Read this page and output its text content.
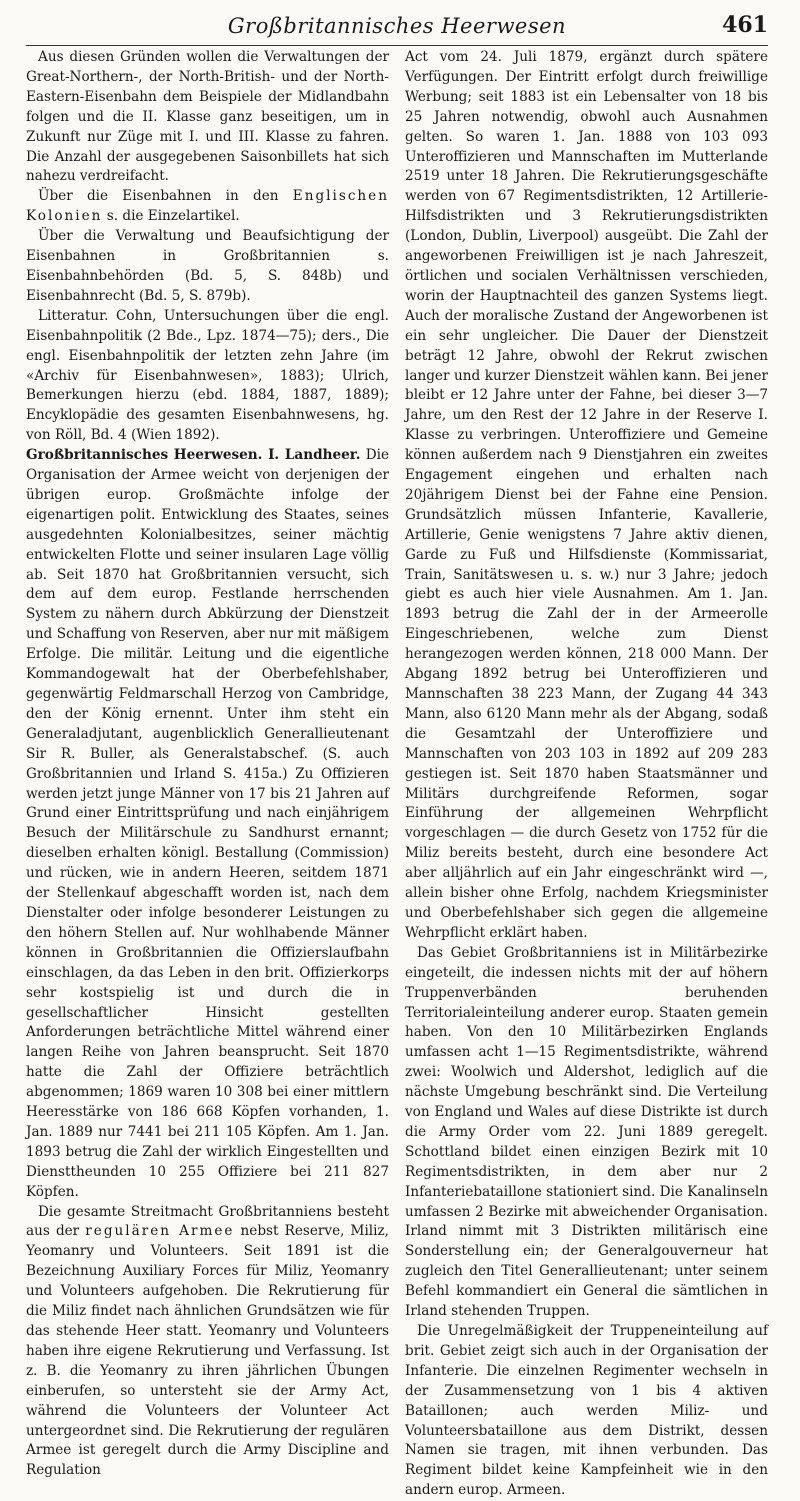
Großbritannisches Heerwesen	461

Aus diesen Gründen wollen die Verwaltungen der Great-Northern-, der North-British- und der North-Eastern-Eisenbahn dem Beispiele der Midlandbahn folgen und die II. Klasse ganz beseitigen, um in Zukunft nur Züge mit I. und III. Klasse zu fahren. Die Anzahl der ausgegebenen Saisonbillets hat sich nahezu verdreifacht.

Über die Eisenbahnen in den Englischen Kolonien s. die Einzelartikel.

Über die Verwaltung und Beaufsichtigung der Eisenbahnen in Großbritannien s. Eisenbahnbehörden (Bd. 5, S. 848b) und Eisenbahnrecht (Bd. 5, S. 879b).

Litteratur. Cohn, Untersuchungen über die engl. Eisenbahnpolitik (2 Bde., Lpz. 1874—75); ders., Die engl. Eisenbahnpolitik der letzten zehn Jahre (im «Archiv für Eisenbahnwesen», 1883); Ulrich, Bemerkungen hierzu (ebd. 1884, 1887, 1889); Encyklopädie des gesamten Eisenbahnwesens, hg. von Röll, Bd. 4 (Wien 1892).

Großbritannisches Heerwesen. I. Landheer. Die Organisation der Armee weicht von derjenigen der übrigen europ. Großmächte infolge der eigenartigen polit. Entwicklung des Staates, seines ausgedehnten Kolonialbesitzes, seiner mächtig entwickelten Flotte und seiner insularen Lage völlig ab. Seit 1870 hat Großbritannien versucht, sich dem auf dem europ. Festlande herrschenden System zu nähern durch Abkürzung der Dienstzeit und Schaffung von Reserven, aber nur mit mäßigem Erfolge. Die militär. Leitung und die eigentliche Kommandogewalt hat der Oberbefehlshaber, gegenwärtig Feldmarschall Herzog von Cambridge, den der König ernennt. Unter ihm steht ein Generaladjutant, augenblicklich Generallieutenant Sir R. Buller, als Generalstabschef. (S. auch Großbritannien und Irland S. 415a.) Zu Offizieren werden jetzt junge Männer von 17 bis 21 Jahren auf Grund einer Eintrittsprüfung und nach einjährigem Besuch der Militärschule zu Sandhurst ernannt; dieselben erhalten königl. Bestallung (Commission) und rücken, wie in andern Heeren, seitdem 1871 der Stellenkauf abgeschafft worden ist, nach dem Dienstalter oder infolge besonderer Leistungen zu den höhern Stellen auf. Nur wohlhabende Männer können in Großbritannien die Offizierslaufbahn einschlagen, da das Leben in den brit. Offizierkorps sehr kostspielig ist und durch die in gesellschaftlicher Hinsicht gestellten Anforderungen beträchtliche Mittel während einer langen Reihe von Jahren beansprucht. Seit 1870 hatte die Zahl der Offiziere beträchtlich abgenommen; 1869 waren 10 308 bei einer mittlern Heeresstärke von 186 668 Köpfen vorhanden, 1. Jan. 1889 nur 7441 bei 211 105 Köpfen. Am 1. Jan. 1893 betrug die Zahl der wirklich Eingestellten und Diensttheunden 10 255 Offiziere bei 211 827 Köpfen.

Die gesamte Streitmacht Großbritanniens besteht aus der regulären Armee nebst Reserve, Miliz, Yeomanry und Volunteers. Seit 1891 ist die Bezeichnung Auxiliary Forces für Miliz, Yeomanry und Volunteers aufgehoben. Die Rekrutierung für die Miliz findet nach ähnlichen Grundsätzen wie für das stehende Heer statt. Yeomanry und Volunteers haben ihre eigene Rekrutierung und Verfassung. Ist z. B. die Yeomanry zu ihren jährlichen Übungen einberufen, so untersteht sie der Army Act, während die Volunteers der Volunteer Act untergeordnet sind. Die Rekrutierung der regulären Armee ist geregelt durch die Army Discipline and Regulation

Act vom 24. Juli 1879, ergänzt durch spätere Verfügungen. Der Eintritt erfolgt durch freiwillige Werbung; seit 1883 ist ein Lebensalter von 18 bis 25 Jahren notwendig, obwohl auch Ausnahmen gelten. So waren 1. Jan. 1888 von 103 093 Unteroffizieren und Mannschaften im Mutterlande 2519 unter 18 Jahren. Die Rekrutierungsgeschäfte werden von 67 Regimentsdistrikten, 12 Artillerie-Hilfsdistrikten und 3 Rekrutierungsdistrikten (London, Dublin, Liverpool) ausgeübt. Die Zahl der angeworbenen Freiwilligen ist je nach Jahreszeit, örtlichen und socialen Verhältnissen verschieden, worin der Hauptnachteil des ganzen Systems liegt. Auch der moralische Zustand der Angeworbenen ist ein sehr ungleicher. Die Dauer der Dienstzeit beträgt 12 Jahre, obwohl der Rekrut zwischen langer und kurzer Dienstzeit wählen kann. Bei jener bleibt er 12 Jahre unter der Fahne, bei dieser 3—7 Jahre, um den Rest der 12 Jahre in der Reserve I. Klasse zu verbringen. Unteroffiziere und Gemeine können außerdem nach 9 Dienstjahren ein zweites Engagement eingehen und erhalten nach 20jährigem Dienst bei der Fahne eine Pension. Grundsätzlich müssen Infanterie, Kavallerie, Artillerie, Genie wenigstens 7 Jahre aktiv dienen, Garde zu Fuß und Hilfsdienste (Kommissariat, Train, Sanitätswesen u. s. w.) nur 3 Jahre; jedoch giebt es auch hier viele Ausnahmen. Am 1. Jan. 1893 betrug die Zahl der in der Armeerolle Eingeschriebenen, welche zum Dienst herangezogen werden können, 218 000 Mann. Der Abgang 1892 betrug bei Unteroffizieren und Mannschaften 38 223 Mann, der Zugang 44 343 Mann, also 6120 Mann mehr als der Abgang, sodaß die Gesamtzahl der Unteroffiziere und Mannschaften von 203 103 in 1892 auf 209 283 gestiegen ist. Seit 1870 haben Staatsmänner und Militärs durchgreifende Reformen, sogar Einführung der allgemeinen Wehrpflicht vorgeschlagen — die durch Gesetz von 1752 für die Miliz bereits besteht, durch eine besondere Act aber alljährlich auf ein Jahr eingeschränkt wird —, allein bisher ohne Erfolg, nachdem Kriegsminister und Oberbefehlshaber sich gegen die allgemeine Wehrpflicht erklärt haben.

Das Gebiet Großbritanniens ist in Militärbezirke eingeteilt, die indessen nichts mit der auf höhern Truppenverbänden beruhenden Territorialeinteilung anderer europ. Staaten gemein haben. Von den 10 Militärbezirken Englands umfassen acht 1—15 Regimentsdistrikte, während zwei: Woolwich und Aldershot, lediglich auf die nächste Umgebung beschränkt sind. Die Verteilung von England und Wales auf diese Distrikte ist durch die Army Order vom 22. Juni 1889 geregelt. Schottland bildet einen einzigen Bezirk mit 10 Regimentsdistrikten, in dem aber nur 2 Infanteriebataillone stationiert sind. Die Kanalinseln umfassen 2 Bezirke mit abweichender Organisation. Irland nimmt mit 3 Distrikten militärisch eine Sonderstellung ein; der Generalgouverneur hat zugleich den Titel Generallieutenant; unter seinem Befehl kommandiert ein General die sämtlichen in Irland stehenden Truppen.

Die Unregelmäßigkeit der Truppeneinteilung auf brit. Gebiet zeigt sich auch in der Organisation der Infanterie. Die einzelnen Regimenter wechseln in der Zusammensetzung von 1 bis 4 aktiven Bataillonen; auch werden Miliz- und Volunteersbataillone aus dem Distrikt, dessen Namen sie tragen, mit ihnen verbunden. Das Regiment bildet keine Kampfeinheit wie in den andern europ. Armeen.
